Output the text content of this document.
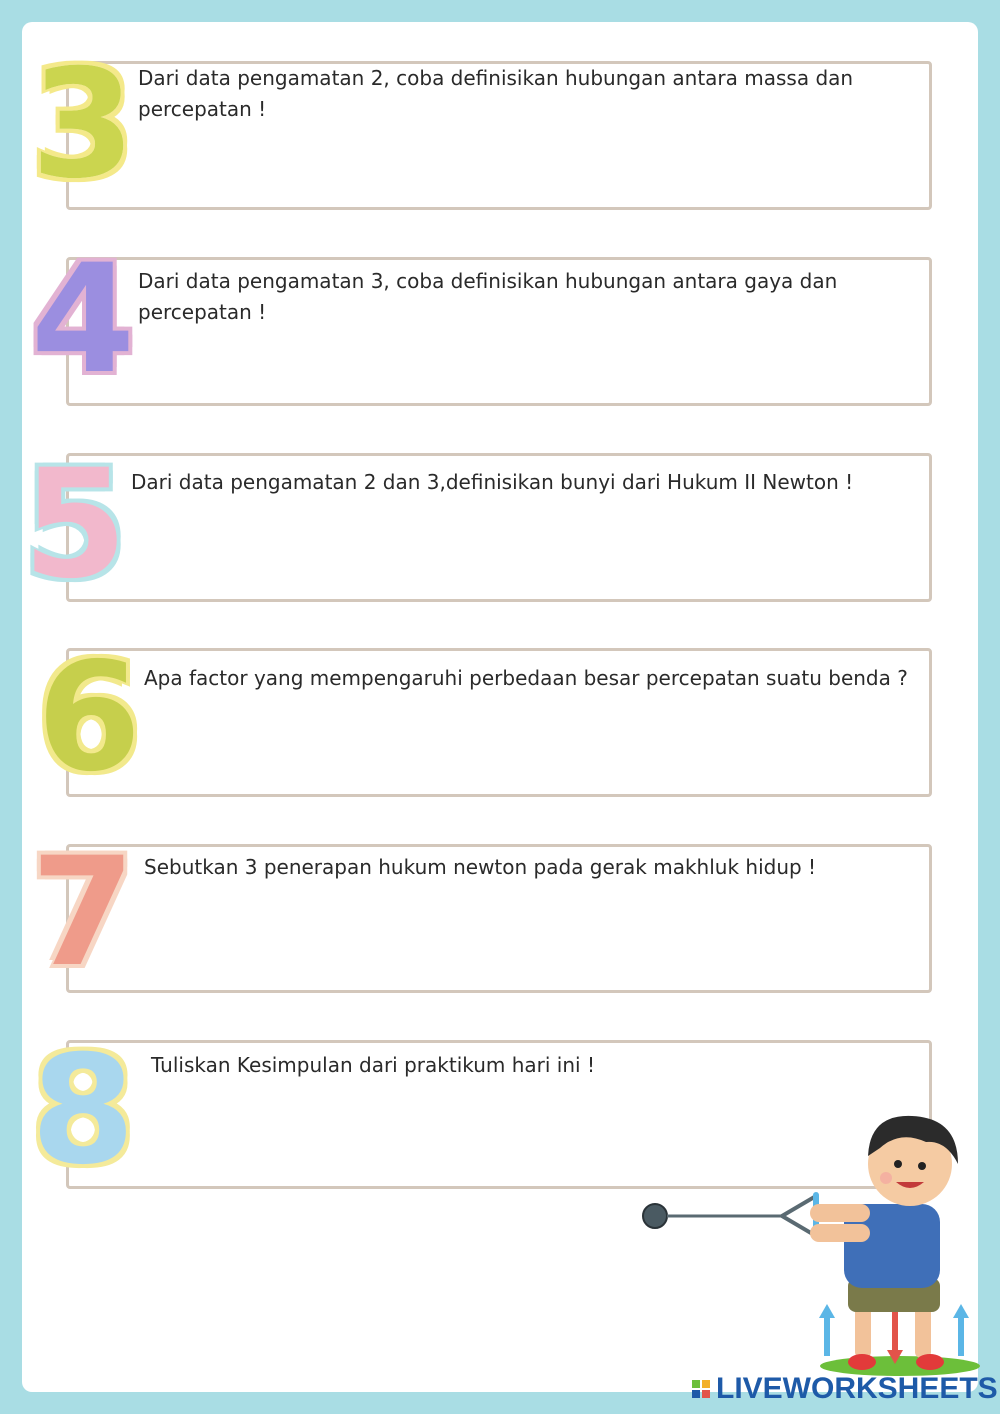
3 Dari data pengamatan 2, coba definisikan hubungan antara massa dan percepatan !
4 Dari data pengamatan 3, coba definisikan hubungan antara gaya dan percepatan !
5 Dari data pengamatan 2 dan 3,definisikan bunyi dari Hukum II Newton !
6 Apa factor yang mempengaruhi perbedaan besar percepatan suatu benda ?
7 Sebutkan 3 penerapan hukum newton pada gerak makhluk hidup !
8 Tuliskan Kesimpulan dari praktikum hari ini !
LIVEWORKSHEETS
